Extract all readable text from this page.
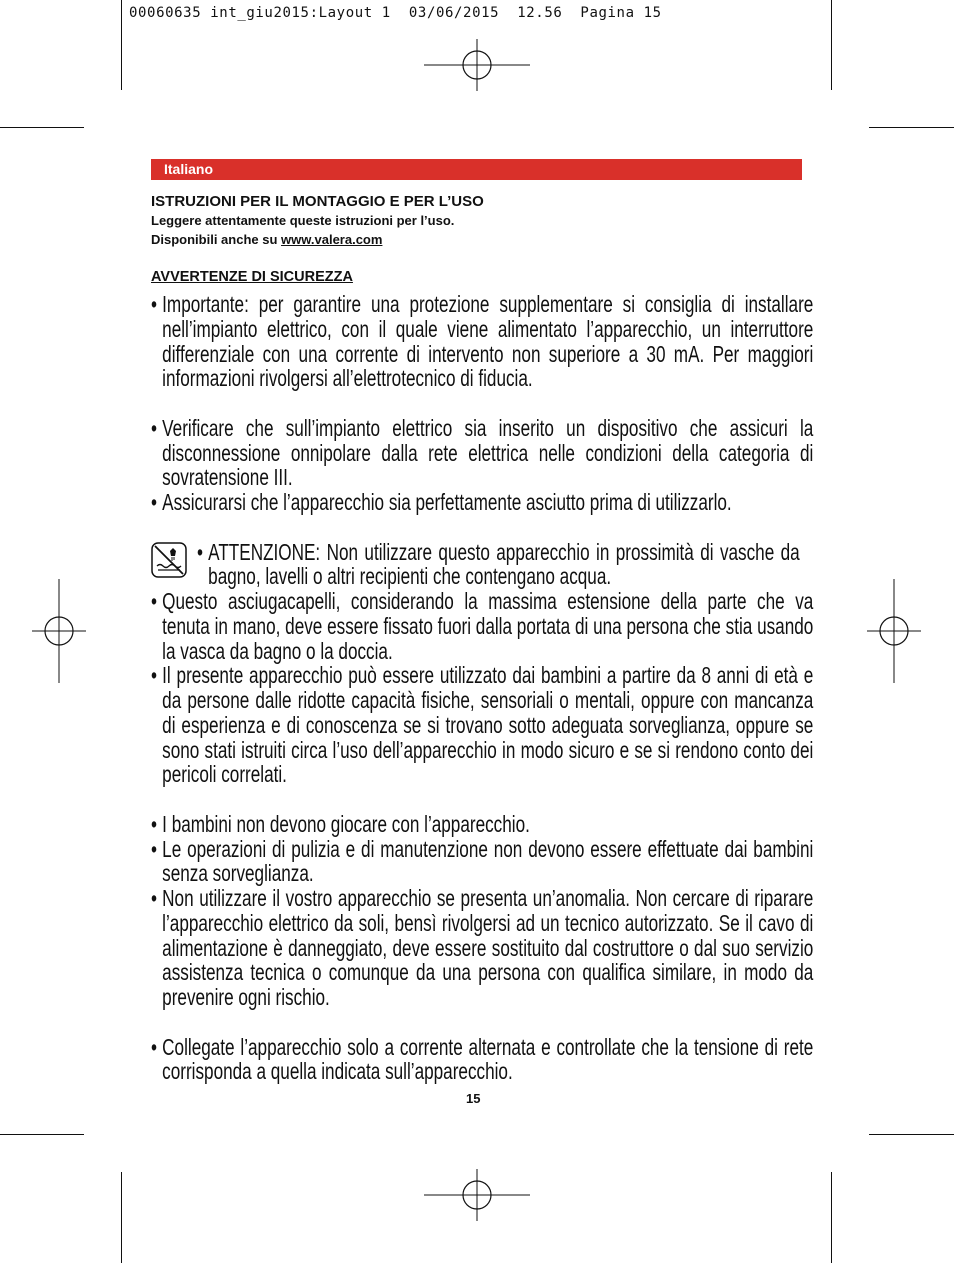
00060635 int_giu2015:Layout 1  03/06/2015  12.56  Pagina 15
Italiano
ISTRUZIONI PER IL MONTAGGIO E PER L’USO
Leggere attentamente queste istruzioni per l’uso.
Disponibili anche su www.valera.com
AVVERTENZE DI SICUREZZA
• Importante: per garantire una protezione supplementare si consiglia di installare nell’impianto elettrico, con il quale viene alimentato l’apparecchio, un interruttore differenziale con una corrente di intervento non superiore a 30 mA. Per maggiori informazioni rivolgersi all’elettrotecnico di fiducia.
• Verificare che sull’impianto elettrico sia inserito un dispositivo che assicuri la disconnessione onnipolare dalla rete elettrica nelle condizioni della categoria di sovratensione III.
• Assicurarsi che l’apparecchio sia perfettamente asciutto prima di utilizzarlo.
• ATTENZIONE: Non utilizzare questo apparecchio in prossimità di vasche da bagno, lavelli o altri recipienti che contengano acqua.
• Questo asciugacapelli, considerando la massima estensione della parte che va tenuta in mano, deve essere fissato fuori dalla portata di una persona che stia usando la vasca da bagno o la doccia.
• Il presente apparecchio può essere utilizzato dai bambini a partire da 8 anni di età e da persone dalle ridotte capacità fisiche, sensoriali o mentali, oppure con mancanza di esperienza e di conoscenza se si trovano sotto adeguata sorveglianza, oppure se sono stati istruiti circa l’uso dell’apparecchio in modo sicuro e se si rendono conto dei pericoli correlati.
• I bambini non devono giocare con l’apparecchio.
• Le operazioni di pulizia e di manutenzione non devono essere effettuate dai bambini senza sorveglianza.
• Non utilizzare il vostro apparecchio se presenta un’anomalia. Non cercare di riparare l’apparecchio elettrico da soli, bensì rivolgersi ad un tecnico autorizzato. Se il cavo di alimentazione è danneggiato, deve essere sostituito dal costruttore o dal suo servizio assistenza tecnica o comunque da una persona con qualifica similare, in modo da prevenire ogni rischio.
• Collegate l’apparecchio solo a corrente alternata e controllate che la tensione di rete corrisponda a quella indicata sull’apparecchio.
15
